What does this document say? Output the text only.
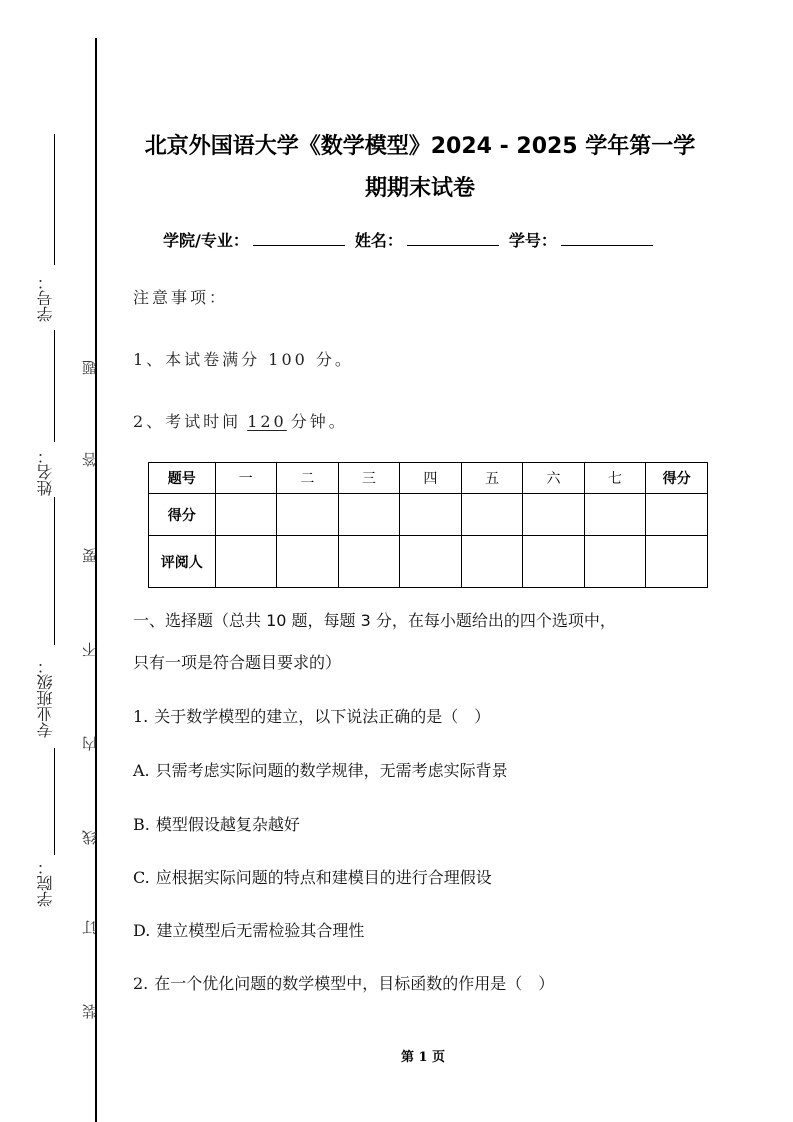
学号：
姓名：
专业班级：
学院：
题
答
要
不
内
线
订
装
北京外国语大学《数学模型》2024 - 2025 学年第一学
期期末试卷
学院/专业：	姓名：	学号：
注意事项：
1、本试卷满分 100 分。
2、考试时间 120 分钟。
题号	一	二	三	四	五	六	七	得分
得分								
评阅人								
一、选择题（总共 10 题，每题 3 分，在每小题给出的四个选项中，
只有一项是符合题目要求的）
1. 关于数学模型的建立，以下说法正确的是（　）
A. 只需考虑实际问题的数学规律，无需考虑实际背景
B. 模型假设越复杂越好
C. 应根据实际问题的特点和建模目的进行合理假设
D. 建立模型后无需检验其合理性
2. 在一个优化问题的数学模型中，目标函数的作用是（　）
第 1 页
